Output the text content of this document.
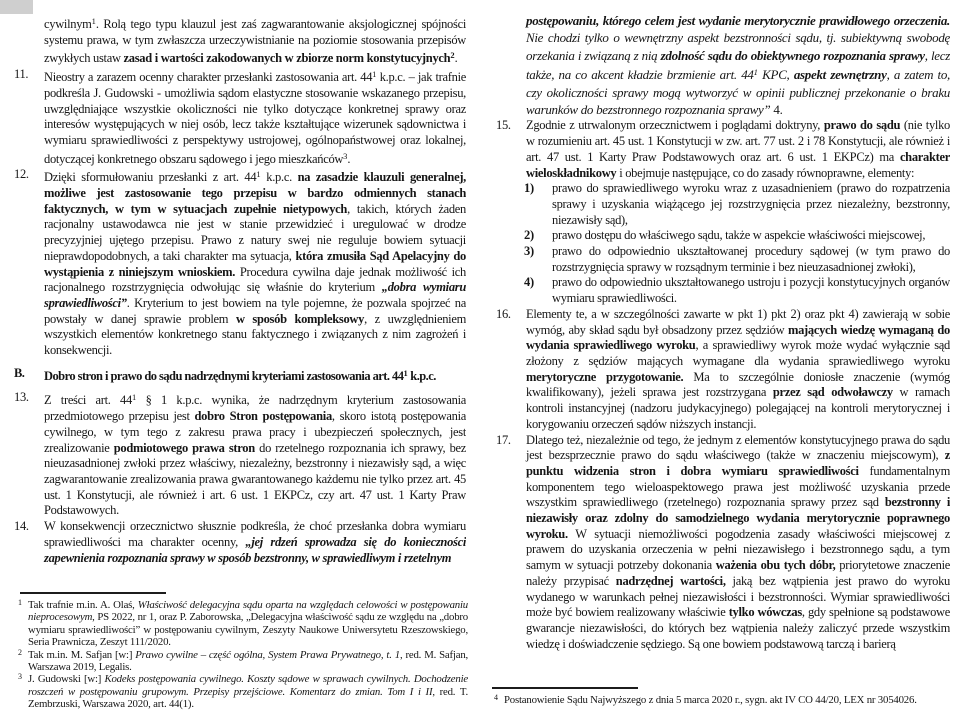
cywilnym$^1$. Rolą tego typu klauzul jest zaś zagwarantowanie aksjologicznej spójności systemu prawa, w tym zwłaszcza urzeczywistnianie na poziomie stosowania przepisów zwykłych ustaw zasad i wartości zakodowanych w zbiorze norm konstytucyjnych$^2$.
11. Nieostry a zarazem ocenny charakter przesłanki zastosowania art. $44^1$ k.p.c. – jak trafnie podkreśla J. Gudowski - umożliwia sądom elastyczne stosowanie wskazanego przepisu, uwzględniające wszystkie okoliczności nie tylko dotyczące konkretnej sprawy oraz interesów występujących w niej osób, lecz także kształtujące wizerunek sądownictwa i wymiaru sprawiedliwości z perspektywy ustrojowej, ogólnopaństwowej oraz lokalnej, dotyczącej konkretnego obszaru sądowego i jego mieszkańców$^3$.
12. Dzięki sformułowaniu przesłanki z art. $44^1$ k.p.c. na zasadzie klauzuli generalnej, możliwe jest zastosowanie tego przepisu w bardzo odmiennych stanach faktycznych, w tym w sytuacjach zupełnie nietypowych, takich, których żaden racjonalny ustawodawca nie jest w stanie przewidzieć i uregulować w drodze precyzyjniej ujętego przepisu. Prawo z natury swej nie reguluje bowiem sytuacji nieprawdopodobnych, a taki charakter ma sytuacja, która zmusiła Sąd Apelacyjny do wystąpienia z niniejszym wnioskiem. Procedura cywilna daje jednak możliwość ich racjonalnego rozstrzygnięcia odwołując się właśnie do kryterium „dobra wymiaru sprawiedliwości”. Kryterium to jest bowiem na tyle pojemne, że pozwala spojrzeć na powstały w danej sprawie problem w sposób kompleksowy, z uwzględnieniem wszystkich elementów konkretnego stanu faktycznego i związanych z nim zagrożeń i konsekwencji.
B. Dobro stron i prawo do sądu nadrzędnymi kryteriami zastosowania art. $44^1$ k.p.c.
13. Z treści art. $44^1$ § 1 k.p.c. wynika, że nadrzędnym kryterium zastosowania przedmiotowego przepisu jest dobro Stron postępowania, skoro istotą postępowania cywilnego, w tym tego z zakresu prawa pracy i ubezpieczeń społecznych, jest zrealizowanie podmiotowego prawa stron do rzetelnego rozpoznania ich sprawy, bez nieuzasadnionej zwłoki przez właściwy, niezależny, bezstronny i niezawisły sąd, a więc zagwarantowanie zrealizowania prawa gwarantowanego każdemu nie tylko przez art. 45 ust. 1 Konstytucji, ale również i art. 6 ust. 1 EKPCz, czy art. 47 ust. 1 Karty Praw Podstawowych.
14. W konsekwencji orzecznictwo słusznie podkreśla, że choć przesłanka dobra wymiaru sprawiedliwości ma charakter ocenny, „jej rdzeń sprowadza się do konieczności zapewnienia rozpoznania sprawy w sposób bezstronny, w sprawiedliwym i rzetelnym
postępowaniu, którego celem jest wydanie merytorycznie prawidłowego orzeczenia. Nie chodzi tylko o wewnętrzny aspekt bezstronności sądu, tj. subiektywną swobodę orzekania i związaną z nią zdolność sądu do obiektywnego rozpoznania sprawy, lecz także, na co akcent kładzie brzmienie art. $44^1$ KPC, aspekt zewnętrzny, a zatem to, czy okoliczności sprawy mogą wytworzyć w opinii publicznej przekonanie o braku warunków do bezstronnego rozpoznania sprawy” 4.
15. Zgodnie z utrwalonym orzecznictwem i poglądami doktryny, prawo do sądu (nie tylko w rozumieniu art. 45 ust. 1 Konstytucji w zw. art. 77 ust. 2 i 78 Konstytucji, ale również i art. 47 ust. 1 Karty Praw Podstawowych oraz art. 6 ust. 1 EKPCz) ma charakter wieloskładnikowy i obejmuje następujące, co do zasady równoprawne, elementy:
1) prawo do sprawiedliwego wyroku wraz z uzasadnieniem (prawo do rozpatrzenia sprawy i uzyskania wiążącego jej rozstrzygnięcia przez niezależny, bezstronny, niezawisły sąd),
2) prawo dostępu do właściwego sądu, także w aspekcie właściwości miejscowej,
3) prawo do odpowiednio ukształtowanej procedury sądowej (w tym prawo do rozstrzygnięcia sprawy w rozsądnym terminie i bez nieuzasadnionej zwłoki),
4) prawo do odpowiednio ukształtowanego ustroju i pozycji konstytucyjnych organów wymiaru sprawiedliwości.
16. Elementy te, a w szczególności zawarte w pkt 1) pkt 2) oraz pkt 4) zawierają w sobie wymóg, aby skład sądu był obsadzony przez sędziów mających wiedzę wymaganą do wydania sprawiedliwego wyroku, a sprawiedliwy wyrok może wydać wyłącznie sąd złożony z sędziów mających wymagane dla wydania sprawiedliwego wyroku merytoryczne przygotowanie. Ma to szczególnie doniosłe znaczenie (wymóg kwalifikowany), jeżeli sprawa jest rozstrzygana przez sąd odwoławczy w ramach kontroli instancyjnej (nadzoru judykacyjnego) polegającej na kontroli merytorycznej i korygowaniu orzeczeń sądów niższych instancji.
17. Dlatego też, niezależnie od tego, że jednym z elementów konstytucyjnego prawa do sądu jest bezsprzecznie prawo do sądu właściwego (także w znaczeniu miejscowym), z punktu widzenia stron i dobra wymiaru sprawiedliwości fundamentalnym komponentem tego wieloaspektowego prawa jest możliwość uzyskania przede wszystkim sprawiedliwego (rzetelnego) rozpoznania sprawy przez sąd bezstronny i niezawisły oraz zdolny do samodzielnego wydania merytorycznie poprawnego wyroku. W sytuacji niemożliwości pogodzenia zasady właściwości miejscowej z prawem do uzyskania orzeczenia w pełni niezawisłego i bezstronnego sądu, a tym samym w sytuacji potrzeby dokonania ważenia obu tych dóbr, priorytetowe znaczenie należy przypisać nadrzędnej wartości, jaką bez wątpienia jest prawo do wyroku wydanego w warunkach pełnej niezawisłości i bezstronności. Wymiar sprawiedliwości może być bowiem realizowany właściwie tylko wówczas, gdy spełnione są podstawowe gwarancje niezawisłości, do których bez wątpienia należy zaliczyć przede wszystkim wiedzę i doświadczenie sędziego. Są one bowiem podstawową tarczą i barierą
1 Tak trafnie m.in. A. Olaś, Właściwość delegacyjna sądu oparta na względach celowości w postępowaniu nieprocesowym, PS 2022, nr 1, oraz P. Zaborowska, „Delegacyjna właściwość sądu ze względu na „dobro wymiaru sprawiedliwości” w postępowaniu cywilnym, Zeszyty Naukowe Uniwersytetu Rzeszowskiego, Seria Prawnicza, Zeszyt 111/2020.
2 Tak m.in. M. Safjan [w:] Prawo cywilne – część ogólna, System Prawa Prywatnego, t. 1, red. M. Safjan, Warszawa 2019, Legalis.
3 J. Gudowski [w:] Kodeks postępowania cywilnego. Koszty sądowe w sprawach cywilnych. Dochodzenie roszczeń w postępowaniu grupowym. Przepisy przejściowe. Komentarz do zmian. Tom I i II, red. T. Zembrzuski, Warszawa 2020, art. 44(1).
4 Postanowienie Sądu Najwyższego z dnia 5 marca 2020 r., sygn. akt IV CO 44/20, LEX nr 3054026.
